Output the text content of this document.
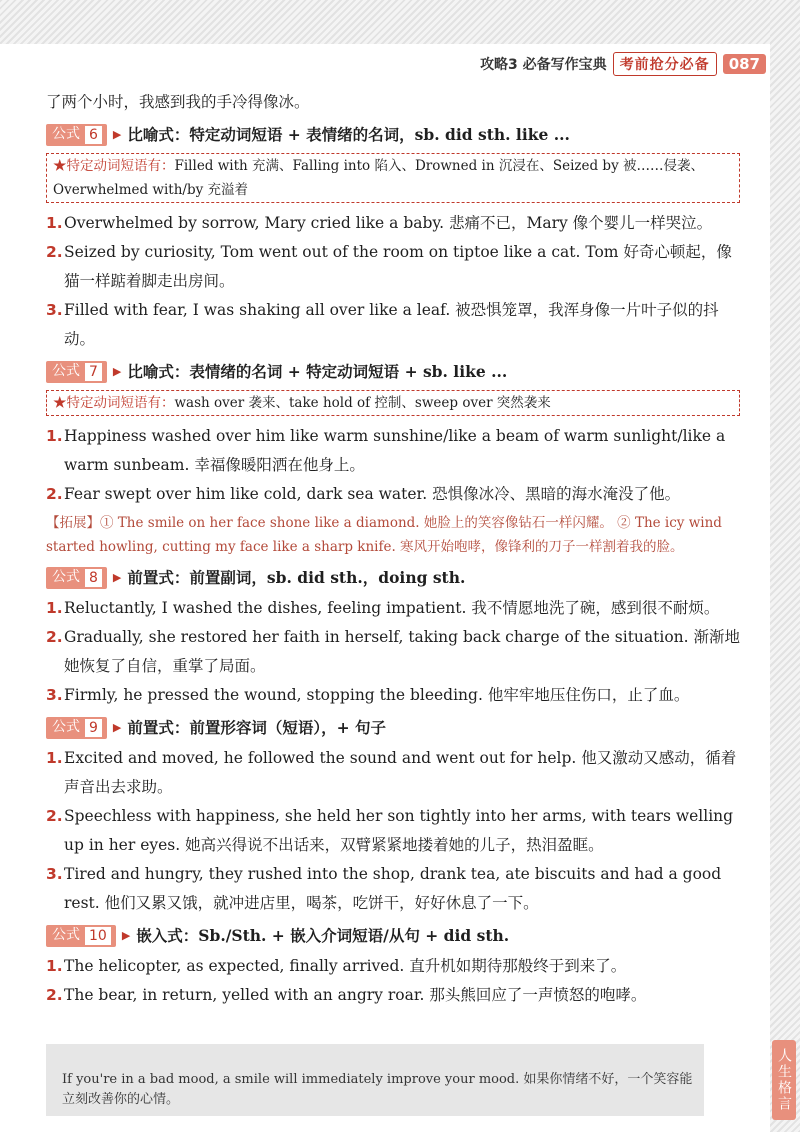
攻略3 必备写作宝典 考前抢分必备	087

了两个小时，我感到我的手冷得像冰。

公式 6	▶ 比喻式：特定动词短语 + 表情绪的名词，sb. did sth. like ...
★特定动词短语有：Filled with 充满、Falling into 陷入、Drowned in 沉浸在、Seized by 被……侵袭、Overwhelmed with/by 充溢着
1. Overwhelmed by sorrow, Mary cried like a baby. 悲痛不已，Mary 像个婴儿一样哭泣。
2. Seized by curiosity, Tom went out of the room on tiptoe like a cat. Tom 好奇心顿起，像猫一样踮着脚走出房间。
3. Filled with fear, I was shaking all over like a leaf. 被恐惧笼罩，我浑身像一片叶子似的抖动。
公式 7	▶ 比喻式：表情绪的名词 + 特定动词短语 + sb. like ...
★特定动词短语有：wash over 袭来、take hold of 控制、sweep over 突然袭来
1. Happiness washed over him like warm sunshine/like a beam of warm sunlight/like a warm sunbeam. 幸福像暖阳洒在他身上。
2. Fear swept over him like cold, dark sea water. 恐惧像冰冷、黑暗的海水淹没了他。
【拓展】① The smile on her face shone like a diamond. 她脸上的笑容像钻石一样闪耀。 ② The icy wind started howling, cutting my face like a sharp knife. 寒风开始咆哮，像锋利的刀子一样割着我的脸。
公式 8	▶ 前置式：前置副词，sb. did sth.，doing sth.
1. Reluctantly, I washed the dishes, feeling impatient. 我不情愿地洗了碗，感到很不耐烦。
2. Gradually, she restored her faith in herself, taking back charge of the situation. 渐渐地她恢复了自信，重掌了局面。
3. Firmly, he pressed the wound, stopping the bleeding. 他牢牢地压住伤口，止了血。
公式 9	▶ 前置式：前置形容词（短语），+ 句子
1. Excited and moved, he followed the sound and went out for help. 他又激动又感动，循着声音出去求助。
2. Speechless with happiness, she held her son tightly into her arms, with tears welling up in her eyes. 她高兴得说不出话来，双臂紧紧地搂着她的儿子，热泪盈眶。
3. Tired and hungry, they rushed into the shop, drank tea, ate biscuits and had a good rest. 他们又累又饿，就冲进店里，喝茶，吃饼干，好好休息了一下。
公式 10	▶ 嵌入式：Sb./Sth. + 嵌入介词短语/从句 + did sth.
1. The helicopter, as expected, finally arrived. 直升机如期待那般终于到来了。
2. The bear, in return, yelled with an angry roar. 那头熊回应了一声愤怒的咆哮。
If you're in a bad mood, a smile will immediately improve your mood. 如果你情绪不好，一个笑容能立刻改善你的心情。	人生格言
